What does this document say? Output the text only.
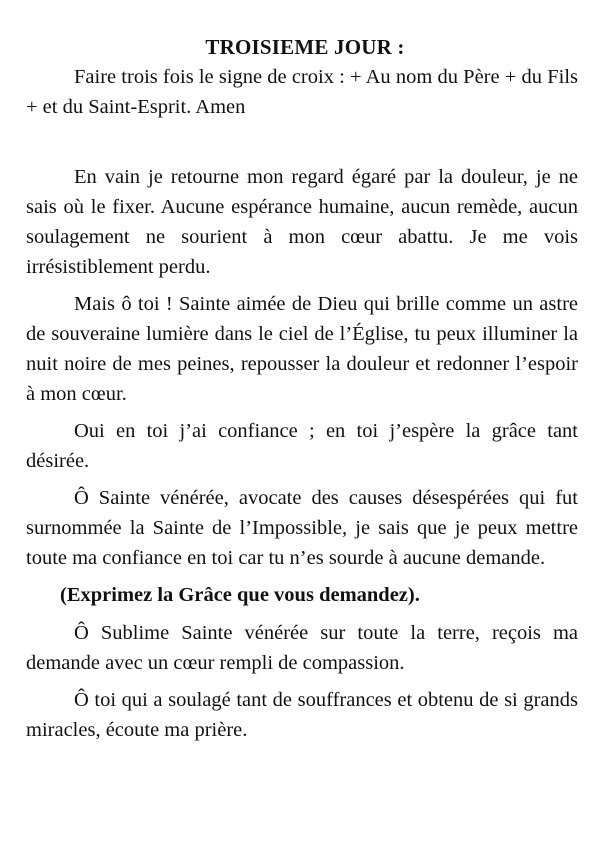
TROISIEME JOUR :

Faire trois fois le signe de croix : + Au nom du Père + du Fils + et du Saint-Esprit. Amen

En vain je retourne mon regard égaré par la douleur, je ne sais où le fixer. Aucune espérance humaine, aucun remède, aucun soulagement ne sourient à mon cœur abattu. Je me vois irrésistiblement perdu.

Mais ô toi ! Sainte aimée de Dieu qui brille comme un astre de souveraine lumière dans le ciel de l’Église, tu peux illuminer la nuit noire de mes peines, repousser la douleur et redonner l’espoir à mon cœur.

Oui en toi j’ai confiance ; en toi j’espère la grâce tant désirée.

Ô Sainte vénérée, avocate des causes désespérées qui fut surnommée la Sainte de l’Impossible, je sais que je peux mettre toute ma confiance en toi car tu n’es sourde à aucune demande.

(Exprimez la Grâce que vous demandez).

Ô Sublime Sainte vénérée sur toute la terre, reçois ma demande avec un cœur rempli de compassion.

Ô toi qui a soulagé tant de souffrances et obtenu de si grands miracles, écoute ma prière.
